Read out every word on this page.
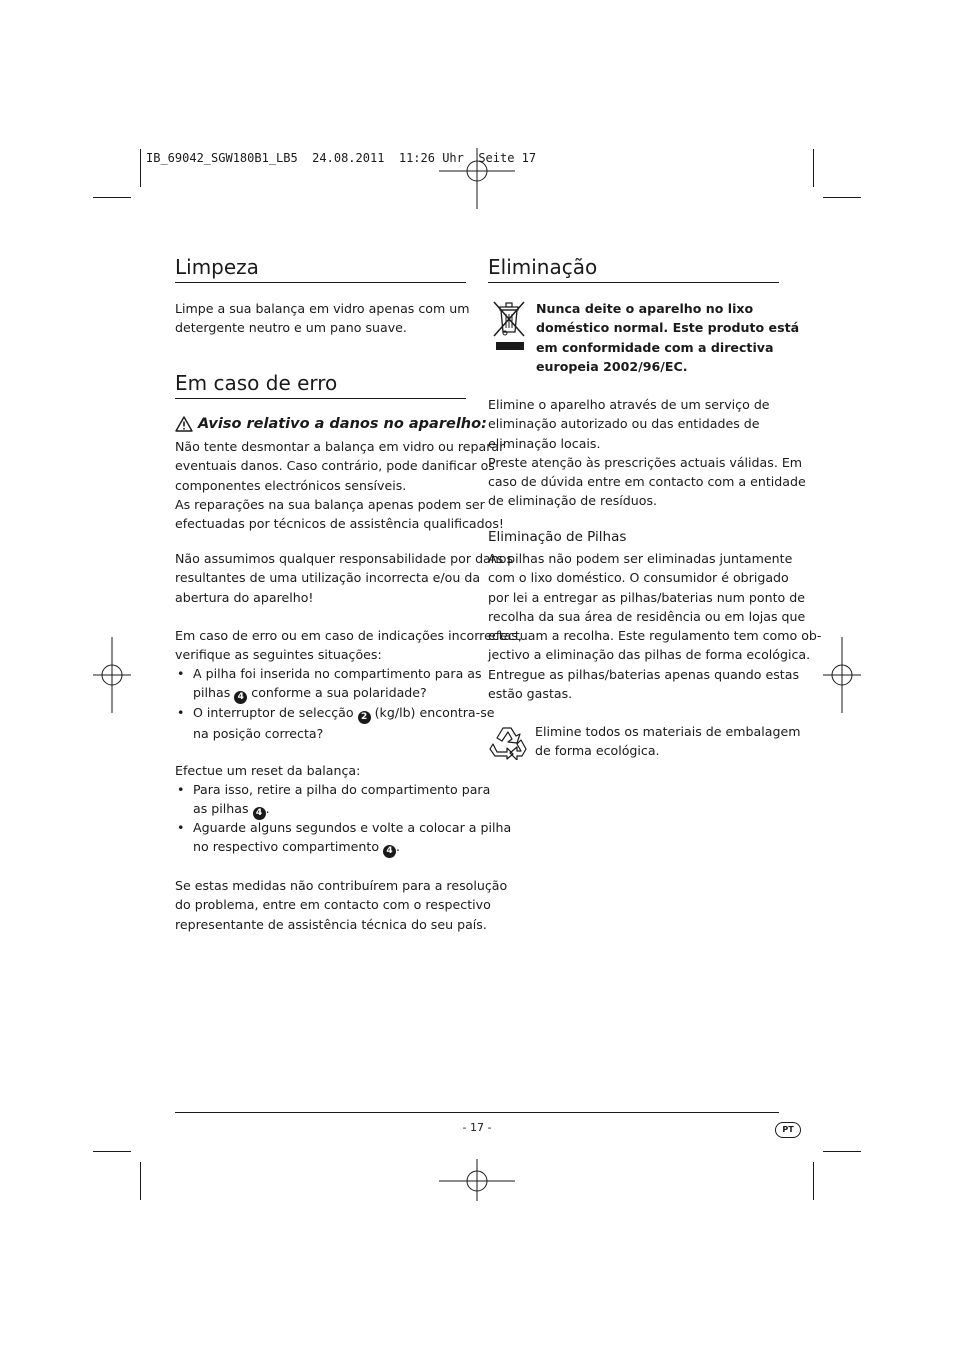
IB_69042_SGW180B1_LB5  24.08.2011  11:26 Uhr  Seite 17
Limpeza
Limpe a sua balança em vidro apenas com um
detergente neutro e um pano suave.
Em caso de erro
Aviso relativo a danos no aparelho:
Não tente desmontar a balança em vidro ou reparar
eventuais danos. Caso contrário, pode danificar os
componentes electrónicos sensíveis.
As reparações na sua balança apenas podem ser
efectuadas por técnicos de assistência qualificados!
Não assumimos qualquer responsabilidade por danos
resultantes de uma utilização incorrecta e/ou da
abertura do aparelho!
Em caso de erro ou em caso de indicações incorrectas,
verifique as seguintes situações:
• A pilha foi inserida no compartimento para as
pilhas 4 conforme a sua polaridade?
• O interruptor de selecção 2 (kg/lb) encontra-se
na posição correcta?
Efectue um reset da balança:
• Para isso, retire a pilha do compartimento para
as pilhas 4 .
• Aguarde alguns segundos e volte a colocar a pilha
no respectivo compartimento 4 .
Se estas medidas não contribuírem para a resolução
do problema, entre em contacto com o respectivo
representante de assistência técnica do seu país.
Eliminação
Nunca deite o aparelho no lixo
doméstico normal. Este produto está
em conformidade com a directiva
europeia 2002/96/EC.
Elimine o aparelho através de um serviço de
eliminação autorizado ou das entidades de
eliminação locais.
Preste atenção às prescrições actuais válidas. Em
caso de dúvida entre em contacto com a entidade
de eliminação de resíduos.
Eliminação de Pilhas
As pilhas não podem ser eliminadas juntamente
com o lixo doméstico. O consumidor é obrigado
por lei a entregar as pilhas/baterias num ponto de
recolha da sua área de residência ou em lojas que
efectuam a recolha. Este regulamento tem como ob-
jectivo a eliminação das pilhas de forma ecológica.
Entregue as pilhas/baterias apenas quando estas
estão gastas.
Elimine todos os materiais de embalagem
de forma ecológica.
- 17 -	PT
